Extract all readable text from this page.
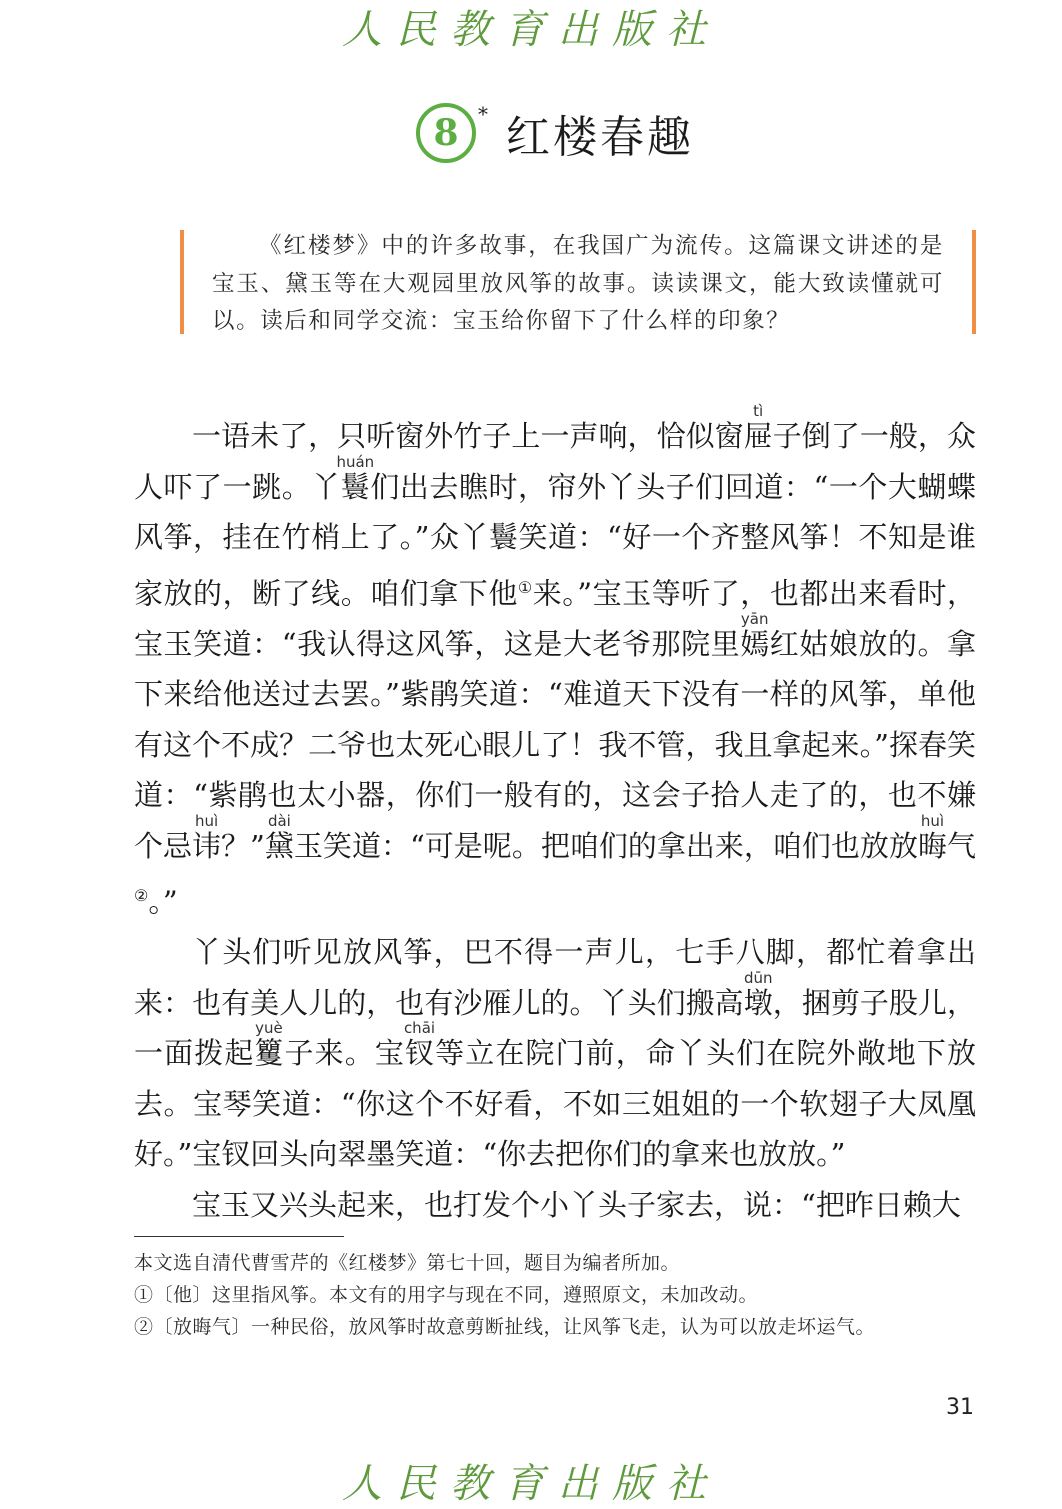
人民教育出版社
8 * 红楼春趣

《红楼梦》中的许多故事，在我国广为流传。这篇课文讲述的是宝玉、黛玉等在大观园里放风筝的故事。读读课文，能大致读懂就可以。读后和同学交流：宝玉给你留下了什么样的印象？

一语未了，只听窗外竹子上一声响，恰似窗屉tì子倒了一般，众人吓了一跳。丫鬟huán们出去瞧时，帘外丫头子们回道：“一个大蝴蝶风筝，挂在竹梢上了。”众丫鬟笑道：“好一个齐整风筝！不知是谁家放的，断了线。咱们拿下他①来。”宝玉等听了，也都出来看时，宝玉笑道：“我认得这风筝，这是大老爷那院里嫣yān红姑娘放的。拿下来给他送过去罢。”紫鹃笑道：“难道天下没有一样的风筝，单他有这个不成？二爷也太死心眼儿了！我不管，我且拿起来。”探春笑道：“紫鹃也太小器，你们一般有的，这会子拾人走了的，也不嫌个忌讳huì？”黛dài玉笑道：“可是呢。把咱们的拿出来，咱们也放放晦huì气②。”

丫头们听见放风筝，巴不得一声儿，七手八脚，都忙着拿出来：也有美人儿的，也有沙雁儿的。丫头们搬高墩dūn，捆剪子股儿，一面拨起籰yuè子来。宝钗chāi等立在院门前，命丫头们在院外敞地下放去。宝琴笑道：“你这个不好看，不如三姐姐的一个软翅子大凤凰好。”宝钗回头向翠墨笑道：“你去把你们的拿来也放放。”

宝玉又兴头起来，也打发个小丫头子家去，说：“把昨日赖大

本文选自清代曹雪芹的《红楼梦》第七十回，题目为编者所加。
①〔他〕这里指风筝。本文有的用字与现在不同，遵照原文，未加改动。
②〔放晦气〕一种民俗，放风筝时故意剪断扯线，让风筝飞走，认为可以放走坏运气。
31
人民教育出版社
